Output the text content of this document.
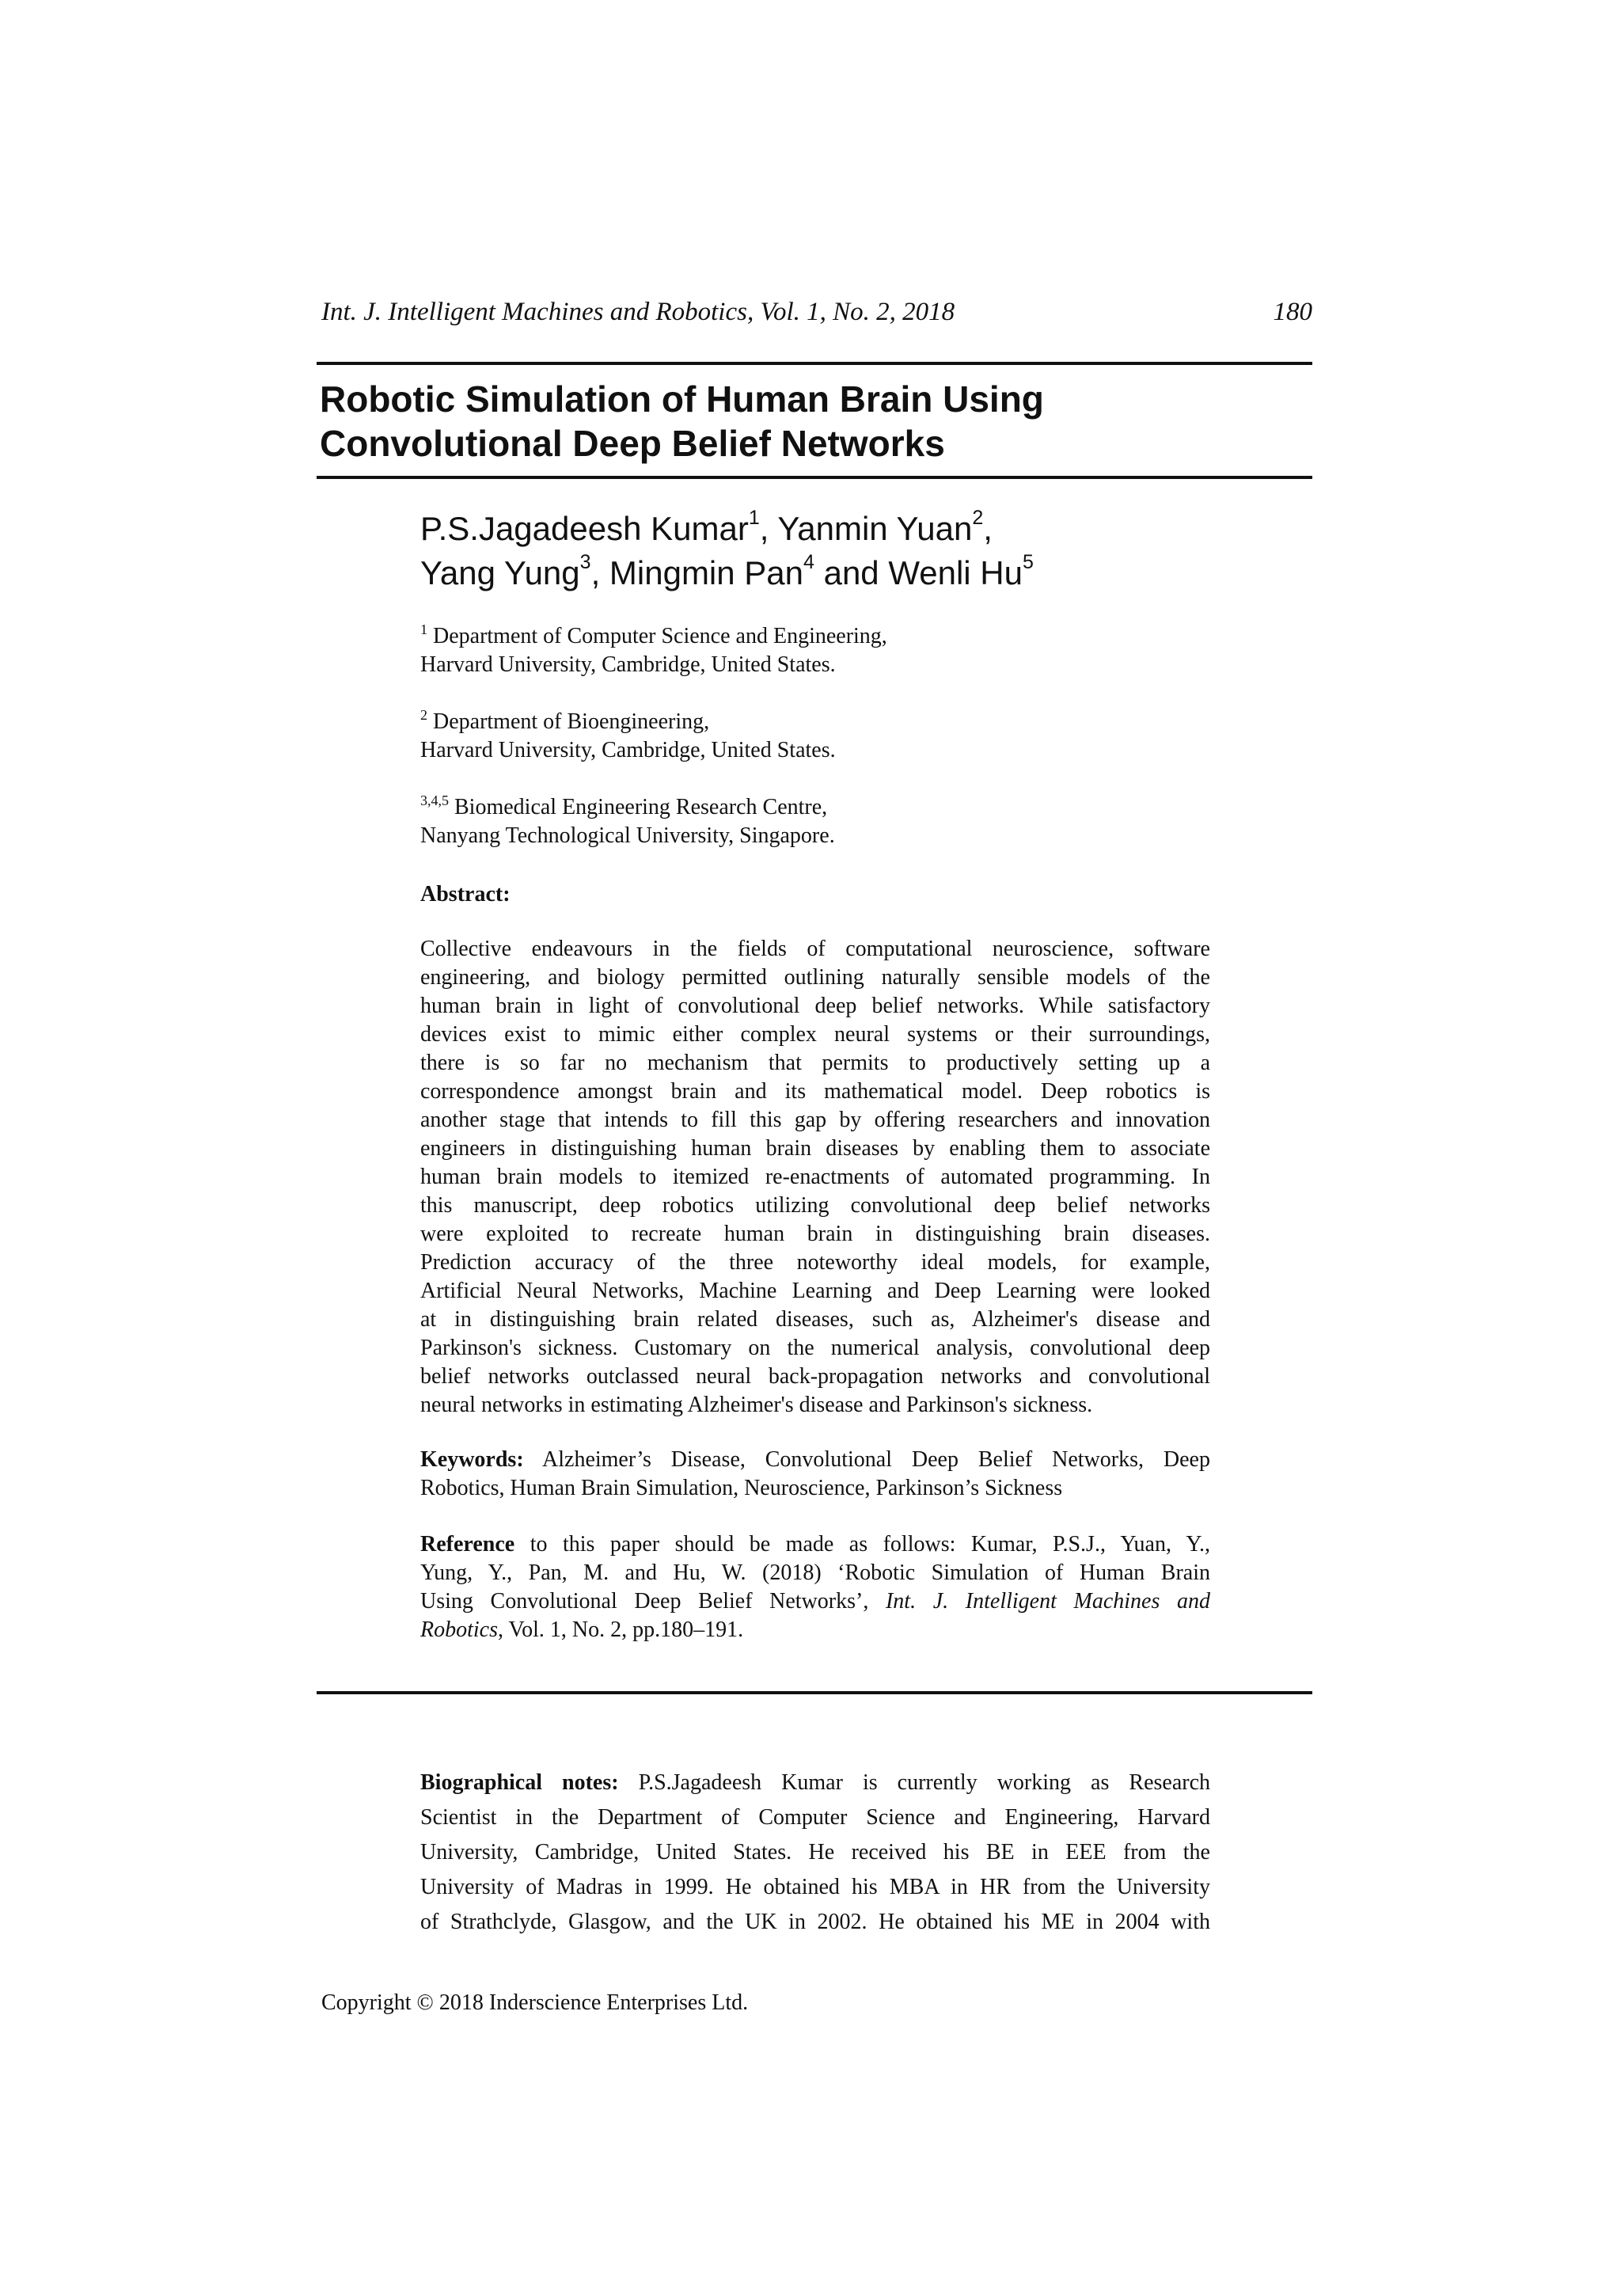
Int. J. Intelligent Machines and Robotics, Vol. 1, No. 2, 2018	180
Robotic Simulation of Human Brain Using
Convolutional Deep Belief Networks
P.S.Jagadeesh Kumar$^1$, Yanmin Yuan$^2$,
Yang Yung$^3$, Mingmin Pan$^4$ and Wenli Hu$^5$
$^1$ Department of Computer Science and Engineering,
Harvard University, Cambridge, United States.
$^2$ Department of Bioengineering,
Harvard University, Cambridge, United States.
$^{3,4,5}$ Biomedical Engineering Research Centre,
Nanyang Technological University, Singapore.
Abstract:
Collective endeavours in the fields of computational neuroscience, software
engineering, and biology permitted outlining naturally sensible models of the
human brain in light of convolutional deep belief networks. While satisfactory
devices exist to mimic either complex neural systems or their surroundings,
there is so far no mechanism that permits to productively setting up a
correspondence amongst brain and its mathematical model. Deep robotics is
another stage that intends to fill this gap by offering researchers and innovation
engineers in distinguishing human brain diseases by enabling them to associate
human brain models to itemized re-enactments of automated programming. In
this manuscript, deep robotics utilizing convolutional deep belief networks
were exploited to recreate human brain in distinguishing brain diseases.
Prediction accuracy of the three noteworthy ideal models, for example,
Artificial Neural Networks, Machine Learning and Deep Learning were looked
at in distinguishing brain related diseases, such as, Alzheimer's disease and
Parkinson's sickness. Customary on the numerical analysis, convolutional deep
belief networks outclassed neural back-propagation networks and convolutional
neural networks in estimating Alzheimer's disease and Parkinson's sickness.
Keywords: Alzheimer’s Disease, Convolutional Deep Belief Networks, Deep
Robotics, Human Brain Simulation, Neuroscience, Parkinson’s Sickness
Reference to this paper should be made as follows: Kumar, P.S.J., Yuan, Y.,
Yung, Y., Pan, M. and Hu, W. (2018) ‘Robotic Simulation of Human Brain
Using Convolutional Deep Belief Networks’, Int. J. Intelligent Machines and
Robotics, Vol. 1, No. 2, pp.180–191.
Biographical notes: P.S.Jagadeesh Kumar is currently working as Research
Scientist in the Department of Computer Science and Engineering, Harvard
University, Cambridge, United States. He received his BE in EEE from the
University of Madras in 1999. He obtained his MBA in HR from the University
of Strathclyde, Glasgow, and the UK in 2002. He obtained his ME in 2004 with
Copyright © 2018 Inderscience Enterprises Ltd.
